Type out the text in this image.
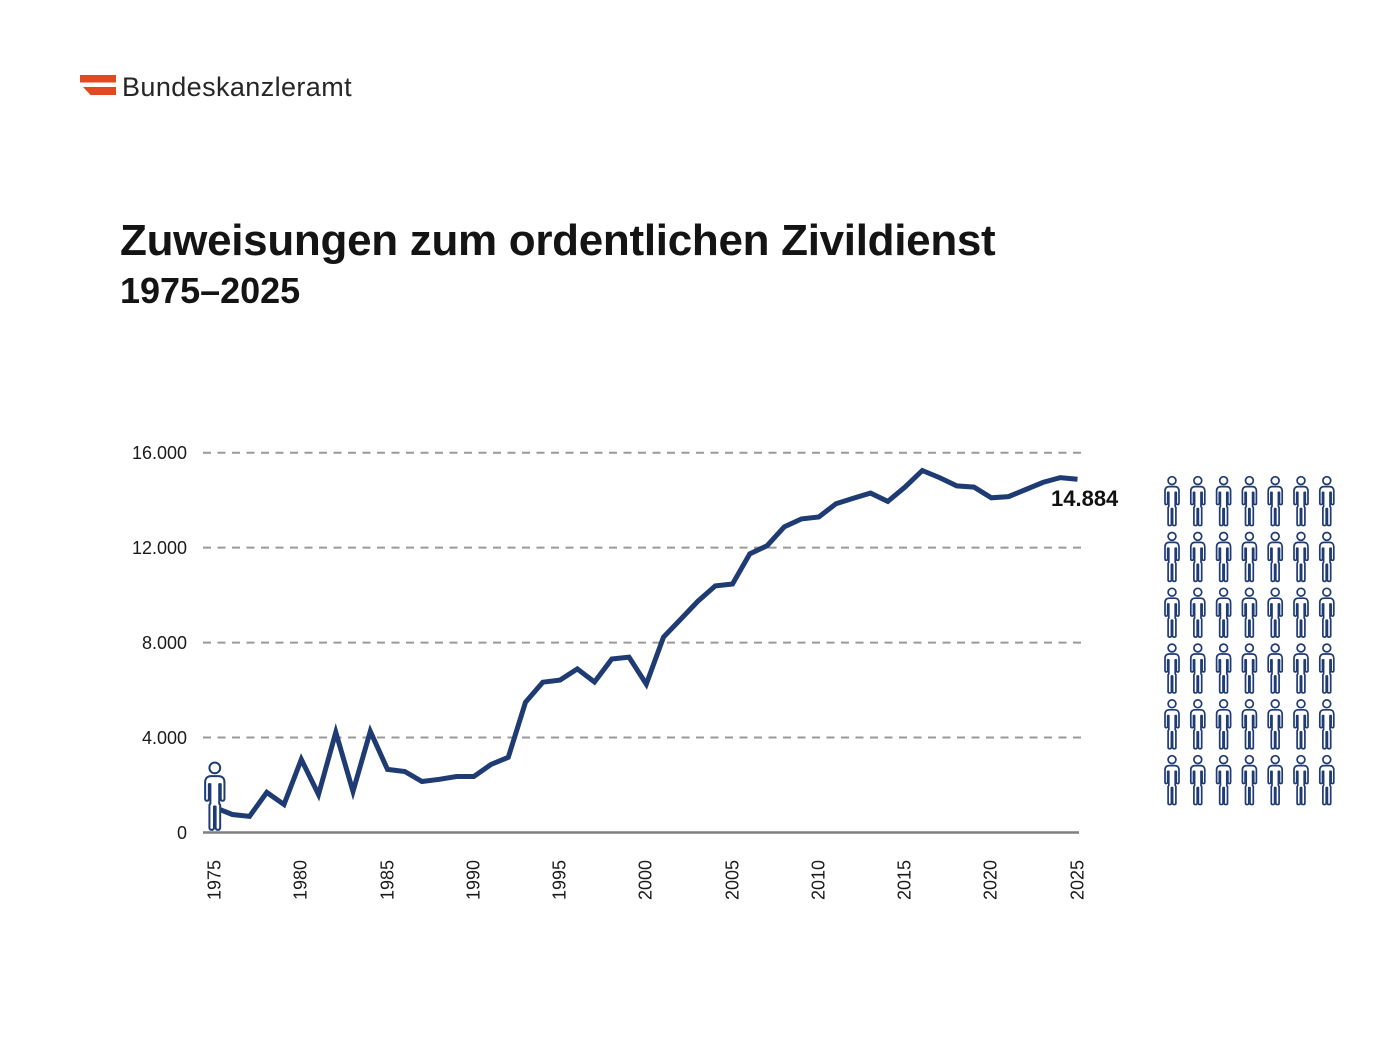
Bundeskanzleramt
Zuweisungen zum ordentlichen Zivildienst
1975–2025
16.000
12.000
8.000
4.000
0
1975	1980	1985	1990	1995	2000	2005	2010	2015	2020	2025
14.884
